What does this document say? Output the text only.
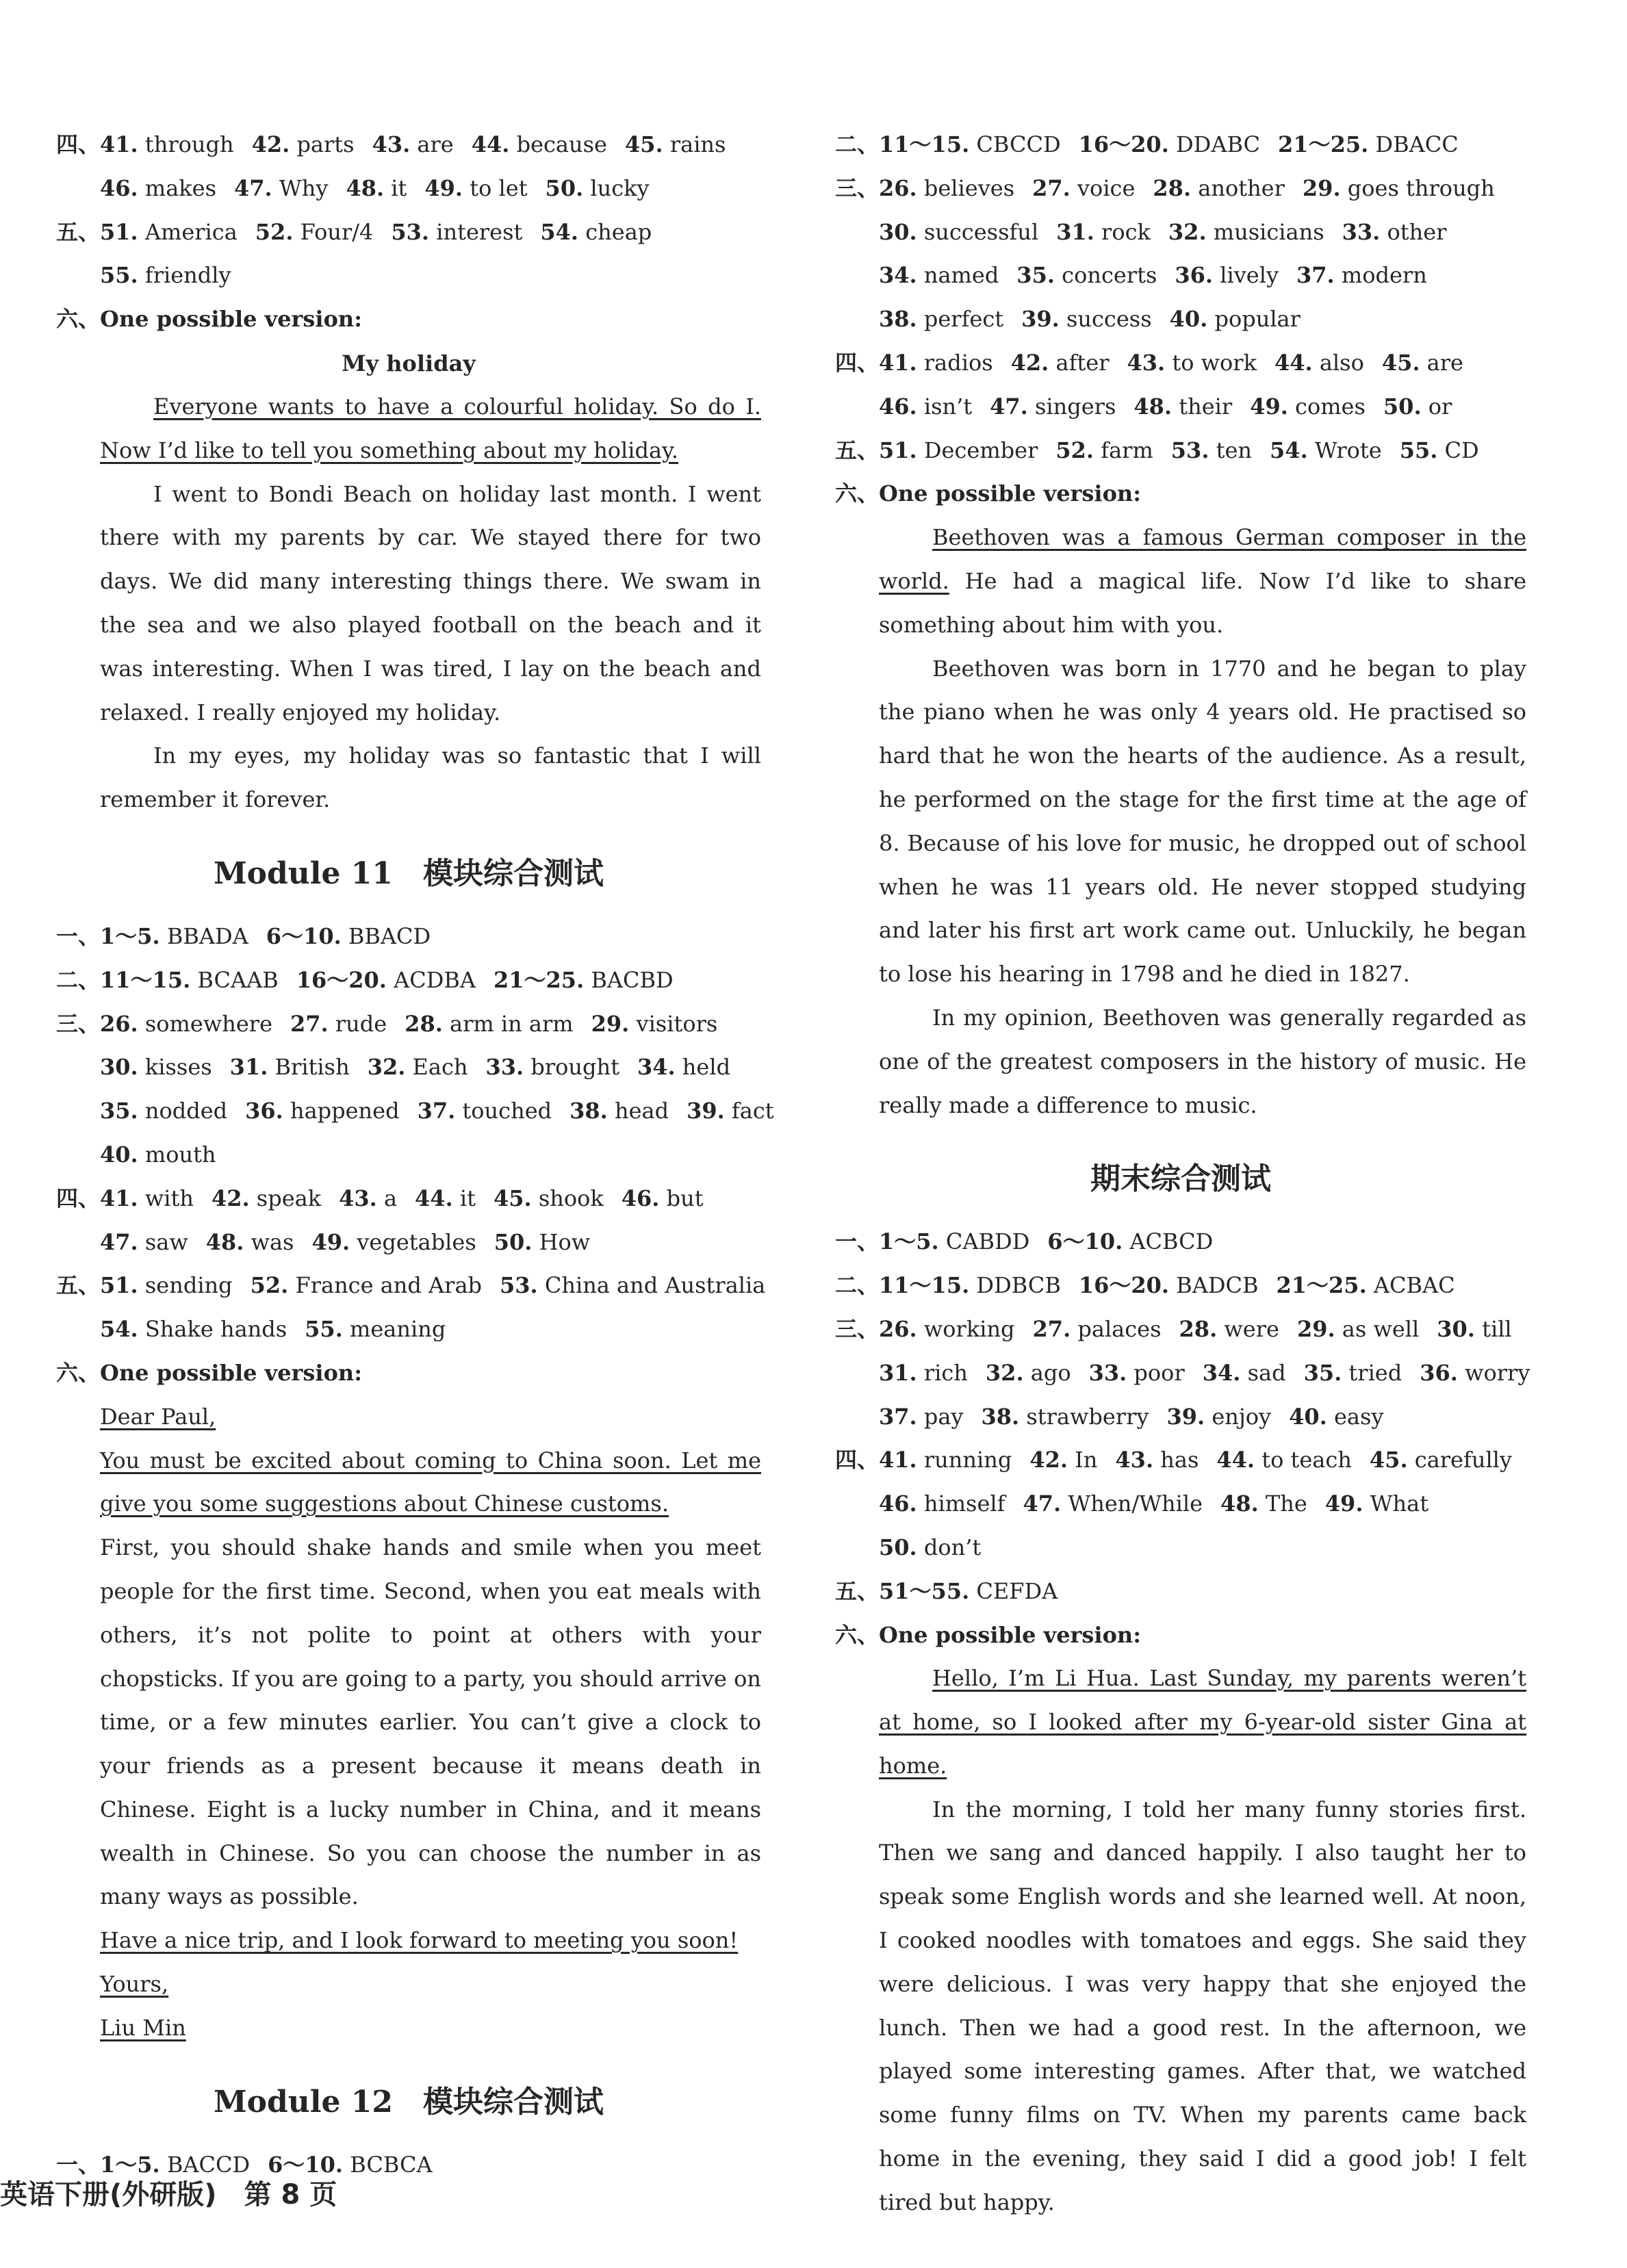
四、41. through 42. parts 43. are 44. because 45. rains
46. makes 47. Why 48. it 49. to let 50. lucky
五、51. America 52. Four/4 53. interest 54. cheap
55. friendly
六、One possible version:
My holiday

Everyone wants to have a colourful holiday. So do I. Now I’d like to tell you something about my holiday.

I went to Bondi Beach on holiday last month. I went there with my parents by car. We stayed there for two days. We did many interesting things there. We swam in the sea and we also played football on the beach and it was interesting. When I was tired, I lay on the beach and relaxed. I really enjoyed my holiday.

In my eyes, my holiday was so fantastic that I will remember it forever.

Module 11　模块综合测试
一、1～5. BBADA 6～10. BBACD
二、11～15. BCAAB 16～20. ACDBA 21～25. BACBD
三、26. somewhere 27. rude 28. arm in arm 29. visitors
30. kisses 31. British 32. Each 33. brought 34. held
35. nodded 36. happened 37. touched 38. head 39. fact
40. mouth
四、41. with 42. speak 43. a 44. it 45. shook 46. but
47. saw 48. was 49. vegetables 50. How
五、51. sending 52. France and Arab 53. China and Australia
54. Shake hands 55. meaning
六、One possible version:

Dear Paul,

You must be excited about coming to China soon. Let me give you some suggestions about Chinese customs.

First, you should shake hands and smile when you meet people for the first time. Second, when you eat meals with others, it’s not polite to point at others with your chopsticks. If you are going to a party, you should arrive on time, or a few minutes earlier. You can’t give a clock to your friends as a present because it means death in Chinese. Eight is a lucky number in China, and it means wealth in Chinese. So you can choose the number in as many ways as possible.

Have a nice trip, and I look forward to meeting you soon!

Yours,

Liu Min

Module 12　模块综合测试
一、1～5. BACCD 6～10. BCBCA
二、11～15. CBCCD 16～20. DDABC 21～25. DBACC
三、26. believes 27. voice 28. another 29. goes through
30. successful 31. rock 32. musicians 33. other
34. named 35. concerts 36. lively 37. modern
38. perfect 39. success 40. popular
四、41. radios 42. after 43. to work 44. also 45. are
46. isn’t 47. singers 48. their 49. comes 50. or
五、51. December 52. farm 53. ten 54. Wrote 55. CD
六、One possible version:

Beethoven was a famous German composer in the world. He had a magical life. Now I’d like to share something about him with you.

Beethoven was born in 1770 and he began to play the piano when he was only 4 years old. He practised so hard that he won the hearts of the audience. As a result, he performed on the stage for the first time at the age of 8. Because of his love for music, he dropped out of school when he was 11 years old. He never stopped studying and later his first art work came out. Unluckily, he began to lose his hearing in 1798 and he died in 1827.

In my opinion, Beethoven was generally regarded as one of the greatest composers in the history of music. He really made a difference to music.

期末综合测试
一、1～5. CABDD 6～10. ACBCD
二、11～15. DDBCB 16～20. BADCB 21～25. ACBAC
三、26. working 27. palaces 28. were 29. as well 30. till
31. rich 32. ago 33. poor 34. sad 35. tried 36. worry
37. pay 38. strawberry 39. enjoy 40. easy
四、41. running 42. In 43. has 44. to teach 45. carefully
46. himself 47. When/While 48. The 49. What
50. don’t
五、51～55. CEFDA
六、One possible version:

Hello, I’m Li Hua. Last Sunday, my parents weren’t at home, so I looked after my 6-year-old sister Gina at home.

In the morning, I told her many funny stories first. Then we sang and danced happily. I also taught her to speak some English words and she learned well. At noon, I cooked noodles with tomatoes and eggs. She said they were delicious. I was very happy that she enjoyed the lunch. Then we had a good rest. In the afternoon, we played some interesting games. After that, we watched some funny films on TV. When my parents came back home in the evening, they said I did a good job! I felt tired but happy.

英语下册(外研版)　第 8 页
